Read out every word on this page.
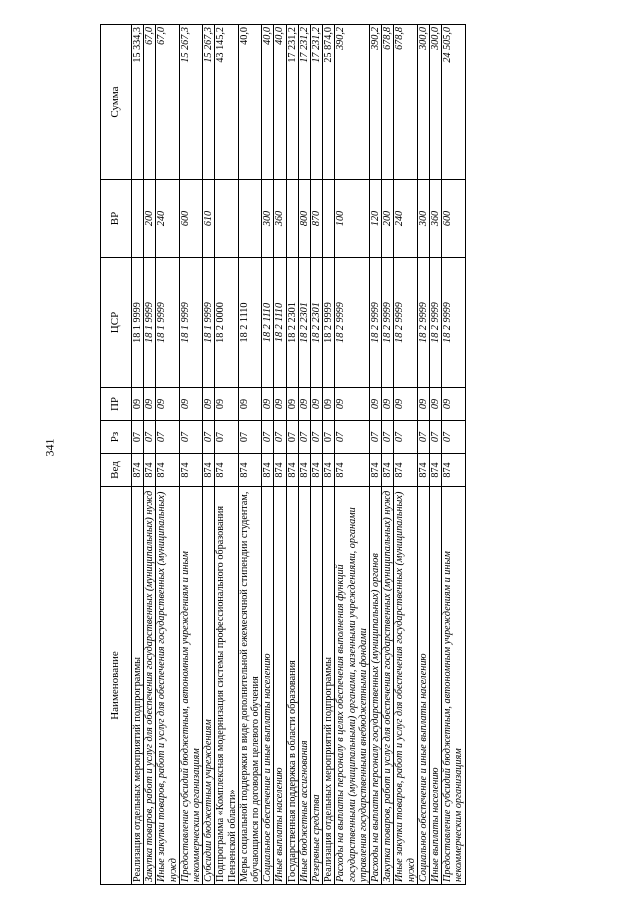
341
Наименование	Вед	Рз	ПР	ЦСР	ВР	Сумма
Реализация отдельных мероприятий подпрограммы	874	07	09	18 1 9999		15 334,3
Закупка товаров, работ и услуг для обеспечения государственных (муниципальных) нужд	874	07	09	18 1 9999	200	67,0
Иные закупки товаров, работ и услуг для обеспечения государственных (муниципальных) нужд	874	07	09	18 1 9999	240	67,0
Предоставление субсидий бюджетным, автономным учреждениям и иным некоммерческим организациям	874	07	09	18 1 9999	600	15 267,3
Субсидии бюджетным учреждениям	874	07	09	18 1 9999	610	15 267,3
Подпрограмма «Комплексная модернизация системы профессионального образования Пензенской области»	874	07	09	18 2 0000		43 145,2
Меры социальной поддержки в виде дополнительной ежемесячной стипендии студентам, обучающимся по договорам целевого обучения	874	07	09	18 2 1110		40,0
Социальное обеспечение и иные выплаты населению	874	07	09	18 2 1110	300	40,0
Иные выплаты населению	874	07	09	18 2 1110	360	40,0
Государственная поддержка в области образования	874	07	09	18 2 2301		17 231,2
Иные бюджетные ассигнования	874	07	09	18 2 2301	800	17 231,2
Резервные средства	874	07	09	18 2 2301	870	17 231,2
Реализация отдельных мероприятий подпрограммы	874	07	09	18 2 9999		25 874,0
Расходы на выплаты персоналу в целях обеспечения выполнения функций государственными (муниципальными) органами, казенными учреждениями, органами управления государственными внебюджетными фондами	874	07	09	18 2 9999	100	390,2
Расходы на выплаты персоналу государственных (муниципальных) органов	874	07	09	18 2 9999	120	390,2
Закупка товаров, работ и услуг для обеспечения государственных (муниципальных) нужд	874	07	09	18 2 9999	200	678,8
Иные закупки товаров, работ и услуг для обеспечения государственных (муниципальных) нужд	874	07	09	18 2 9999	240	678,8
Социальное обеспечение и иные выплаты населению	874	07	09	18 2 9999	300	300,0
Иные выплаты населению	874	07	09	18 2 9999	360	300,0
Предоставление субсидий бюджетным, автономным учреждениям и иным некоммерческим организациям	874	07	09	18 2 9999	600	24 505,0
